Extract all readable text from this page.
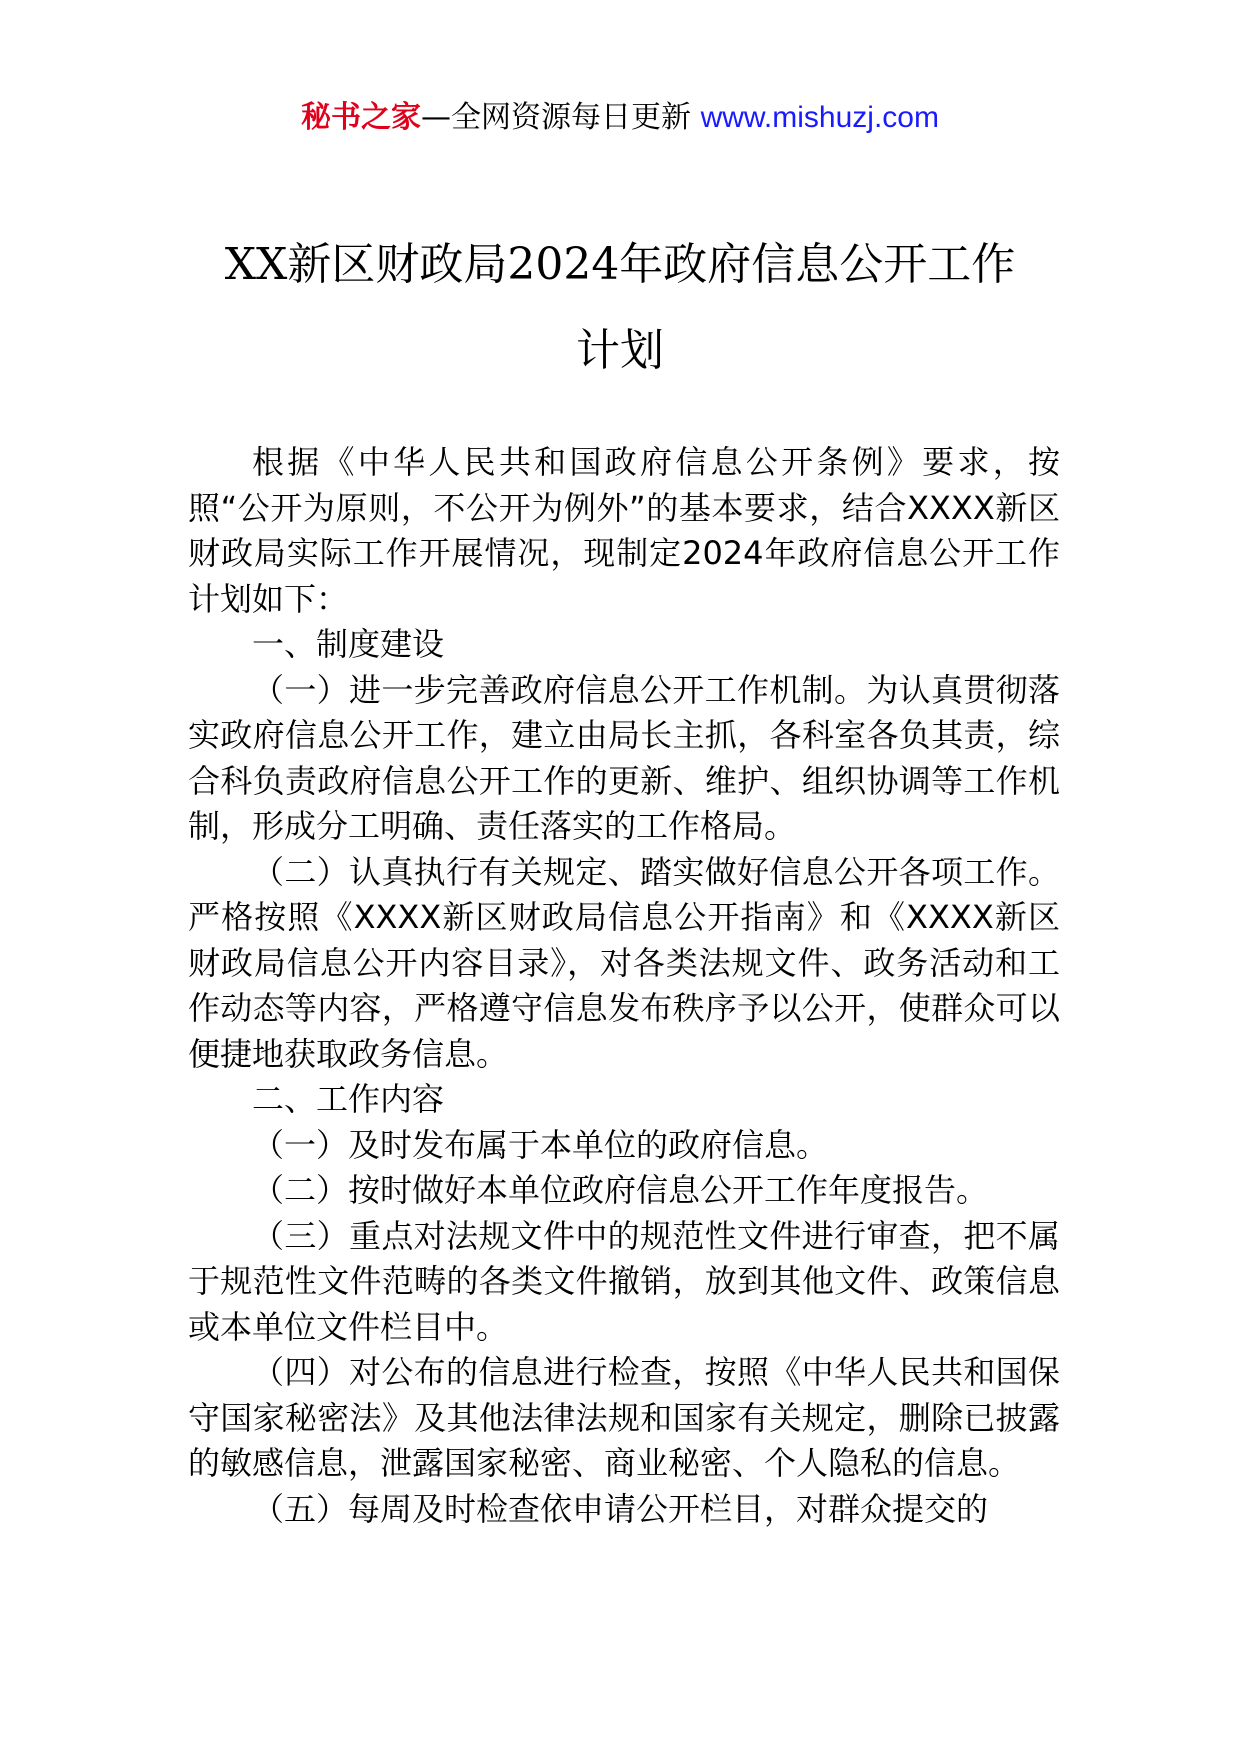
秘书之家—全网资源每日更新 www.mishuzj.com
XX新区财政局2024年政府信息公开工作
计划

根据《中华人民共和国政府信息公开条例》要求，按照“公开为原则，不公开为例外”的基本要求，结合XXXX新区财政局实际工作开展情况，现制定2024年政府信息公开工作计划如下：

一、制度建设

（一）进一步完善政府信息公开工作机制。为认真贯彻落实政府信息公开工作，建立由局长主抓，各科室各负其责，综合科负责政府信息公开工作的更新、维护、组织协调等工作机制，形成分工明确、责任落实的工作格局。

（二）认真执行有关规定、踏实做好信息公开各项工作。严格按照《XXXX新区财政局信息公开指南》和《XXXX新区财政局信息公开内容目录》，对各类法规文件、政务活动和工作动态等内容，严格遵守信息发布秩序予以公开，使群众可以便捷地获取政务信息。

二、工作内容

（一）及时发布属于本单位的政府信息。

（二）按时做好本单位政府信息公开工作年度报告。

（三）重点对法规文件中的规范性文件进行审查，把不属于规范性文件范畴的各类文件撤销，放到其他文件、政策信息或本单位文件栏目中。

（四）对公布的信息进行检查，按照《中华人民共和国保守国家秘密法》及其他法律法规和国家有关规定，删除已披露的敏感信息，泄露国家秘密、商业秘密、个人隐私的信息。

（五）每周及时检查依申请公开栏目，对群众提交的
